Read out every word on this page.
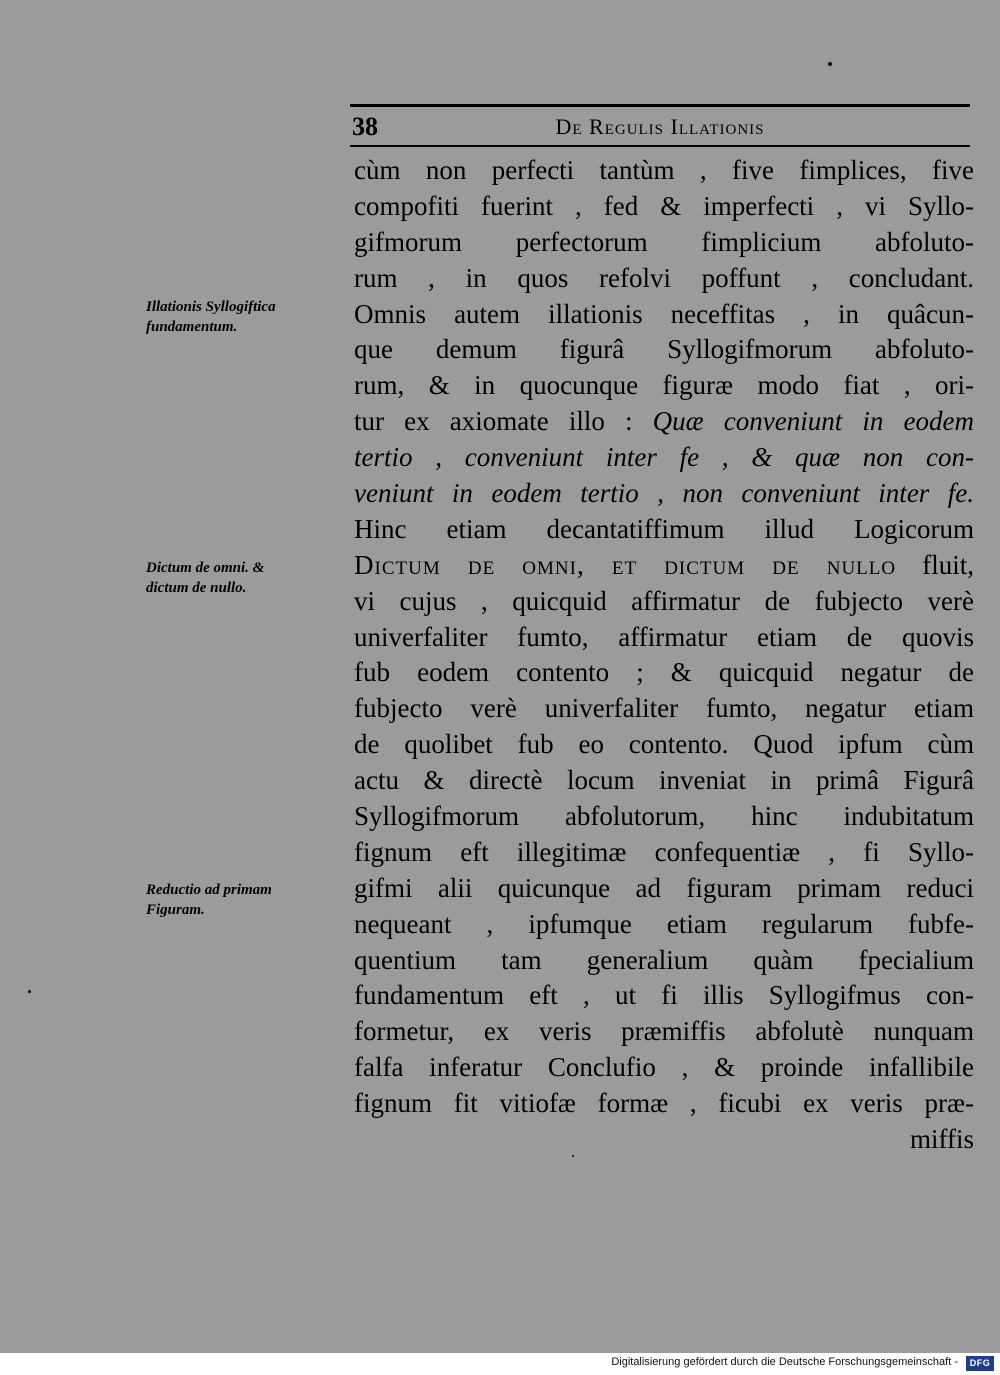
38	De Regulis Illationis
Illationis Syllogiftica
fundamentum.
Dictum de omni. &
dictum de nullo.
Reductio ad primam
Figuram.
cùm non perfecti tantùm , five fimplices, five
compofiti fuerint , fed & imperfecti , vi Syllo-
gifmorum perfectorum fimplicium abfoluto-
rum , in quos refolvi poffunt , concludant.
Omnis autem illationis neceffitas , in quâcun-
que demum figurâ Syllogifmorum abfoluto-
rum, & in quocunque figuræ modo fiat , ori-
tur ex axiomate illo : Quæ conveniunt in eodem
tertio , conveniunt inter fe , & quæ non con-
veniunt in eodem tertio , non conveniunt inter fe.
Hinc etiam decantatiffimum illud Logicorum
Dictum de omni, et dictum de nullo fluit,
vi cujus , quicquid affirmatur de fubjecto verè
univerfaliter fumto, affirmatur etiam de quovis
fub eodem contento ; & quicquid negatur de
fubjecto verè univerfaliter fumto, negatur etiam
de quolibet fub eo contento. Quod ipfum cùm
actu & directè locum inveniat in primâ Figurâ
Syllogifmorum abfolutorum, hinc indubitatum
fignum eft illegitimæ confequentiæ , fi Syllo-
gifmi alii quicunque ad figuram primam reduci
nequeant , ipfumque etiam regularum fubfe-
quentium tam generalium quàm fpecialium
fundamentum eft , ut fi illis Syllogifmus con-
formetur, ex veris præmiffis abfolutè nunquam
falfa inferatur Conclufio , & proinde infallibile
fignum fit vitiofæ formæ , ficubi ex veris præ-
miffis
Digitalisierung gefördert durch die Deutsche Forschungsgemeinschaft -	DFG
